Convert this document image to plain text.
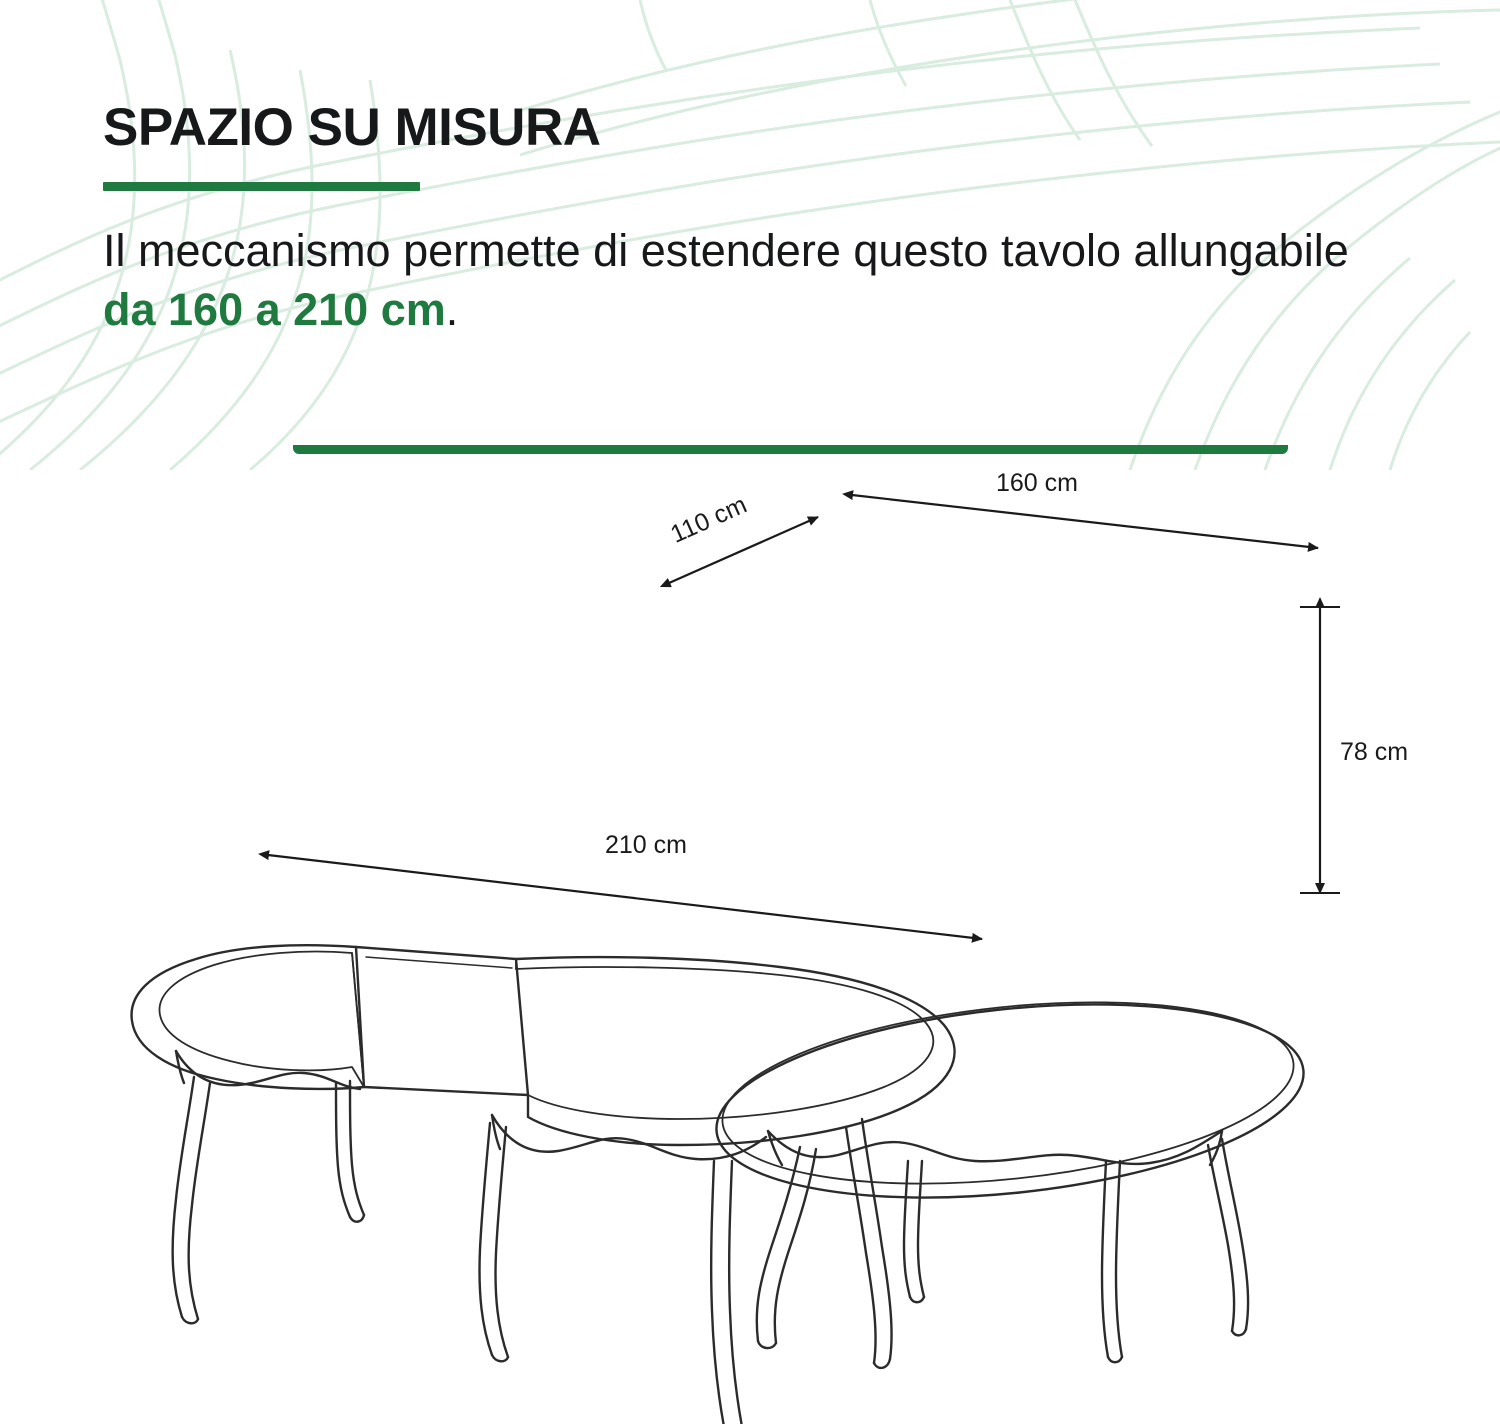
SPAZIO SU MISURA

Il meccanismo permette di estendere questo tavolo allungabile da 160 a 210 cm.

160 cm
110 cm
78 cm
210 cm
